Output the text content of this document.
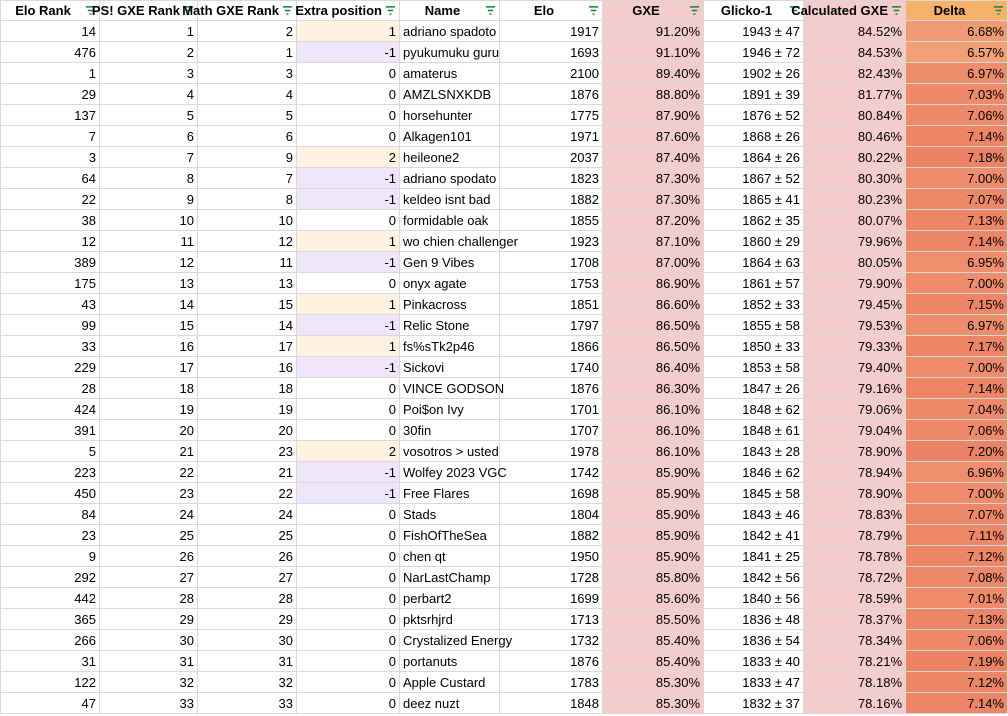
Elo Rank	PS! GXE Rank	Math GXE Rank	Extra position	Name	Elo	GXE	Glicko-1	Calculated GXE	Delta

14	1	2	1	adriano spadoto	1917	91.20%	1943 ± 47	84.52%	6.68%
476	2	1	-1	pyukumuku guru	1693	91.10%	1946 ± 72	84.53%	6.57%
1	3	3	0	amaterus	2100	89.40%	1902 ± 26	82.43%	6.97%
29	4	4	0	AMZLSNXKDB	1876	88.80%	1891 ± 39	81.77%	7.03%
137	5	5	0	horsehunter	1775	87.90%	1876 ± 52	80.84%	7.06%
7	6	6	0	Alkagen101	1971	87.60%	1868 ± 26	80.46%	7.14%
3	7	9	2	heileone2	2037	87.40%	1864 ± 26	80.22%	7.18%
64	8	7	-1	adriano spodato	1823	87.30%	1867 ± 52	80.30%	7.00%
22	9	8	-1	keldeo isnt bad	1882	87.30%	1865 ± 41	80.23%	7.07%
38	10	10	0	formidable oak	1855	87.20%	1862 ± 35	80.07%	7.13%
12	11	12	1	wo chien challenger	1923	87.10%	1860 ± 29	79.96%	7.14%
389	12	11	-1	Gen 9 Vibes	1708	87.00%	1864 ± 63	80.05%	6.95%
175	13	13	0	onyx agate	1753	86.90%	1861 ± 57	79.90%	7.00%
43	14	15	1	Pinkacross	1851	86.60%	1852 ± 33	79.45%	7.15%
99	15	14	-1	Relic Stone	1797	86.50%	1855 ± 58	79.53%	6.97%
33	16	17	1	fs%sTk2p46	1866	86.50%	1850 ± 33	79.33%	7.17%
229	17	16	-1	Sickovi	1740	86.40%	1853 ± 58	79.40%	7.00%
28	18	18	0	VINCE GODSON	1876	86.30%	1847 ± 26	79.16%	7.14%
424	19	19	0	Poi$on Ivy	1701	86.10%	1848 ± 62	79.06%	7.04%
391	20	20	0	30fin	1707	86.10%	1848 ± 61	79.04%	7.06%
5	21	23	2	vosotros > usted	1978	86.10%	1843 ± 28	78.90%	7.20%
223	22	21	-1	Wolfey 2023 VGC	1742	85.90%	1846 ± 62	78.94%	6.96%
450	23	22	-1	Free Flares	1698	85.90%	1845 ± 58	78.90%	7.00%
84	24	24	0	Stads	1804	85.90%	1843 ± 46	78.83%	7.07%
23	25	25	0	FishOfTheSea	1882	85.90%	1842 ± 41	78.79%	7.11%
9	26	26	0	chen qt	1950	85.90%	1841 ± 25	78.78%	7.12%
292	27	27	0	NarLastChamp	1728	85.80%	1842 ± 56	78.72%	7.08%
442	28	28	0	perbart2	1699	85.60%	1840 ± 56	78.59%	7.01%
365	29	29	0	pktsrhjrd	1713	85.50%	1836 ± 48	78.37%	7.13%
266	30	30	0	Crystalized Energy	1732	85.40%	1836 ± 54	78.34%	7.06%
31	31	31	0	portanuts	1876	85.40%	1833 ± 40	78.21%	7.19%
122	32	32	0	Apple Custard	1783	85.30%	1833 ± 47	78.18%	7.12%
47	33	33	0	deez nuzt	1848	85.30%	1832 ± 37	78.16%	7.14%
